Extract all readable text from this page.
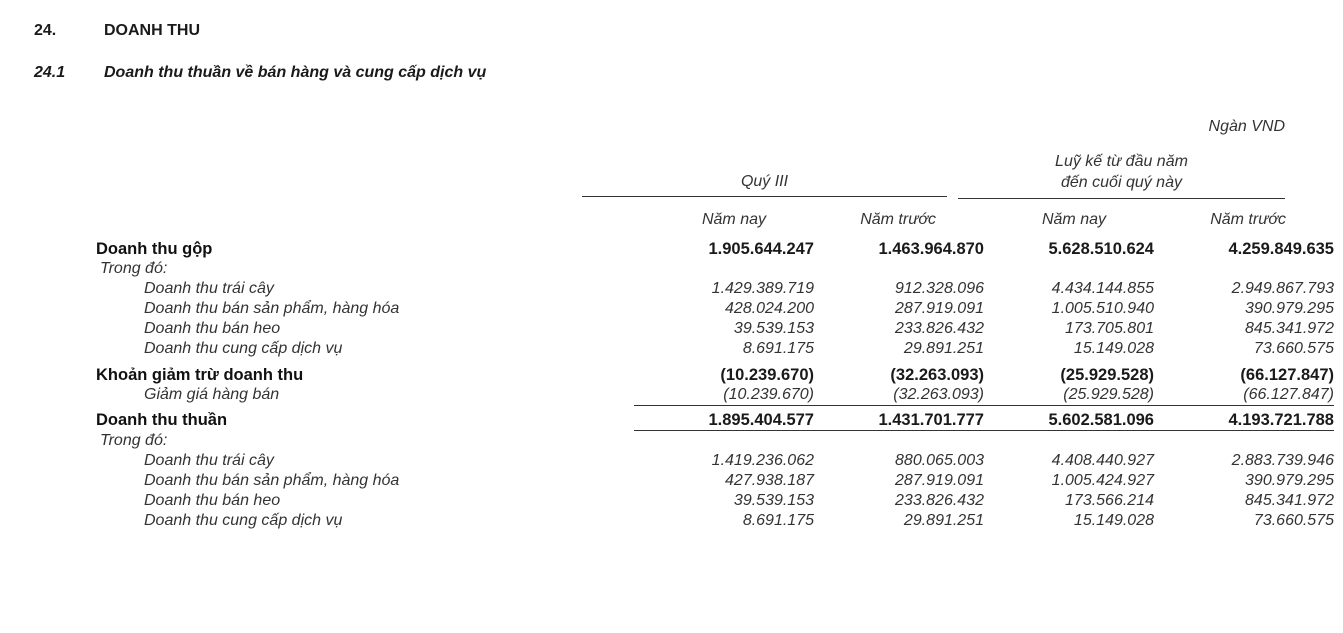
24.	DOANH THU
24.1 Doanh thu thuần về bán hàng và cung cấp dịch vụ
Ngàn VND
Quý III
Luỹ kế từ đầu năm
đến cuối quý này
Năm nay	Năm trước	Năm nay	Năm trước
Doanh thu gộp	1.905.644.247	1.463.964.870	5.628.510.624	4.259.849.635
Trong đó:				
Doanh thu trái cây	1.429.389.719	912.328.096	4.434.144.855	2.949.867.793
Doanh thu bán sản phẩm, hàng hóa	428.024.200	287.919.091	1.005.510.940	390.979.295
Doanh thu bán heo	39.539.153	233.826.432	173.705.801	845.341.972
Doanh thu cung cấp dịch vụ	8.691.175	29.891.251	15.149.028	73.660.575

Khoản giảm trừ doanh thu	(10.239.670)	(32.263.093)	(25.929.528)	(66.127.847)
Giảm giá hàng bán	(10.239.670)	(32.263.093)	(25.929.528)	(66.127.847)

Doanh thu thuần	1.895.404.577	1.431.701.777	5.602.581.096	4.193.721.788
Trong đó:				
Doanh thu trái cây	1.419.236.062	880.065.003	4.408.440.927	2.883.739.946
Doanh thu bán sản phẩm, hàng hóa	427.938.187	287.919.091	1.005.424.927	390.979.295
Doanh thu bán heo	39.539.153	233.826.432	173.566.214	845.341.972
Doanh thu cung cấp dịch vụ	8.691.175	29.891.251	15.149.028	73.660.575
